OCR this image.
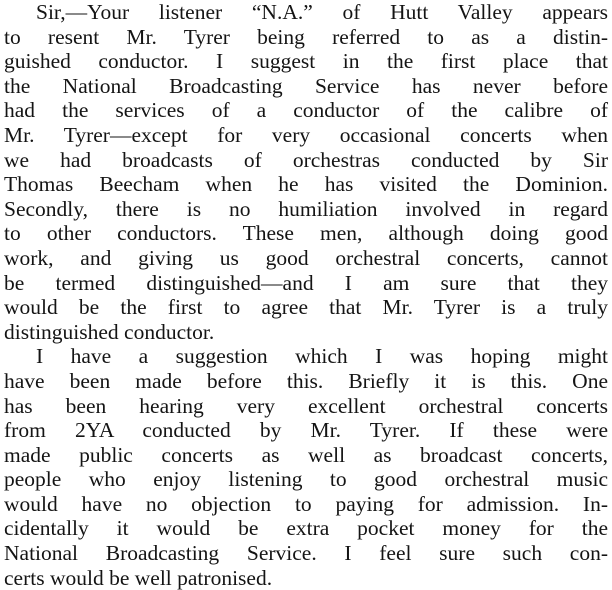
Sir,—Your listener “N.A.” of Hutt Valley appears
to resent Mr. Tyrer being referred to as a distin-
guished conductor. I suggest in the first place that
the National Broadcasting Service has never before
had the services of a conductor of the calibre of
Mr. Tyrer—except for very occasional concerts when
we had broadcasts of orchestras conducted by Sir
Thomas Beecham when he has visited the Dominion.
Secondly, there is no humiliation involved in regard
to other conductors. These men, although doing good
work, and giving us good orchestral concerts, cannot
be termed distinguished—and I am sure that they
would be the first to agree that Mr. Tyrer is a truly
distinguished conductor.

I have a suggestion which I was hoping might
have been made before this. Briefly it is this. One
has been hearing very excellent orchestral concerts
from 2YA conducted by Mr. Tyrer. If these were
made public concerts as well as broadcast concerts,
people who enjoy listening to good orchestral music
would have no objection to paying for admission. In-
cidentally it would be extra pocket money for the
National Broadcasting Service. I feel sure such con-
certs would be well patronised.
